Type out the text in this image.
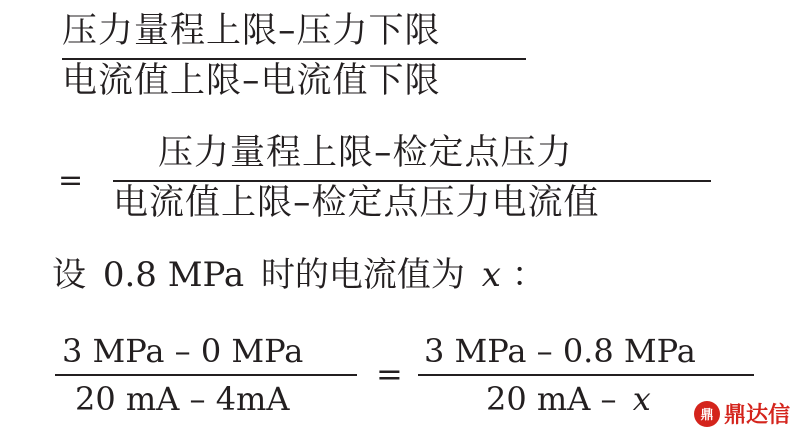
压力量程上限–压力下限
电流值上限–电流值下限
=
压力量程上限–检定点压力
电流值上限–检定点压力电流值
设 0.8 MPa 时的电流值为 x ：
3 MPa – 0 MPa
20 mA – 4mA
=
3 MPa – 0.8 MPa
20 mA – x	鼎 鼎达信
